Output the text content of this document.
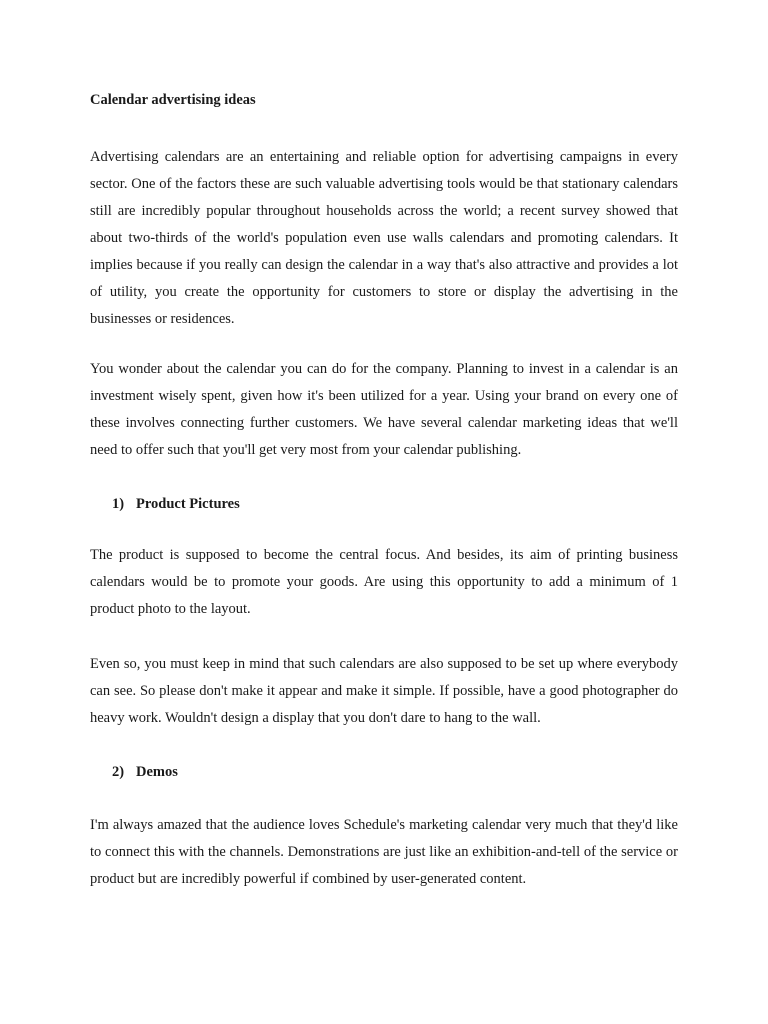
Calendar advertising ideas

Advertising calendars are an entertaining and reliable option for advertising campaigns in every sector. One of the factors these are such valuable advertising tools would be that stationary calendars still are incredibly popular throughout households across the world; a recent survey showed that about two-thirds of the world's population even use walls calendars and promoting calendars. It implies because if you really can design the calendar in a way that's also attractive and provides a lot of utility, you create the opportunity for customers to store or display the advertising in the businesses or residences.

You wonder about the calendar you can do for the company. Planning to invest in a calendar is an investment wisely spent, given how it's been utilized for a year. Using your brand on every one of these involves connecting further customers. We have several calendar marketing ideas that we'll need to offer such that you'll get very most from your calendar publishing.

1) Product Pictures

The product is supposed to become the central focus. And besides, its aim of printing business calendars would be to promote your goods. Are using this opportunity to add a minimum of 1 product photo to the layout.

Even so, you must keep in mind that such calendars are also supposed to be set up where everybody can see. So please don't make it appear and make it simple. If possible, have a good photographer do heavy work. Wouldn't design a display that you don't dare to hang to the wall.

2) Demos

I'm always amazed that the audience loves Schedule's marketing calendar very much that they'd like to connect this with the channels. Demonstrations are just like an exhibition-and-tell of the service or product but are incredibly powerful if combined by user-generated content.
